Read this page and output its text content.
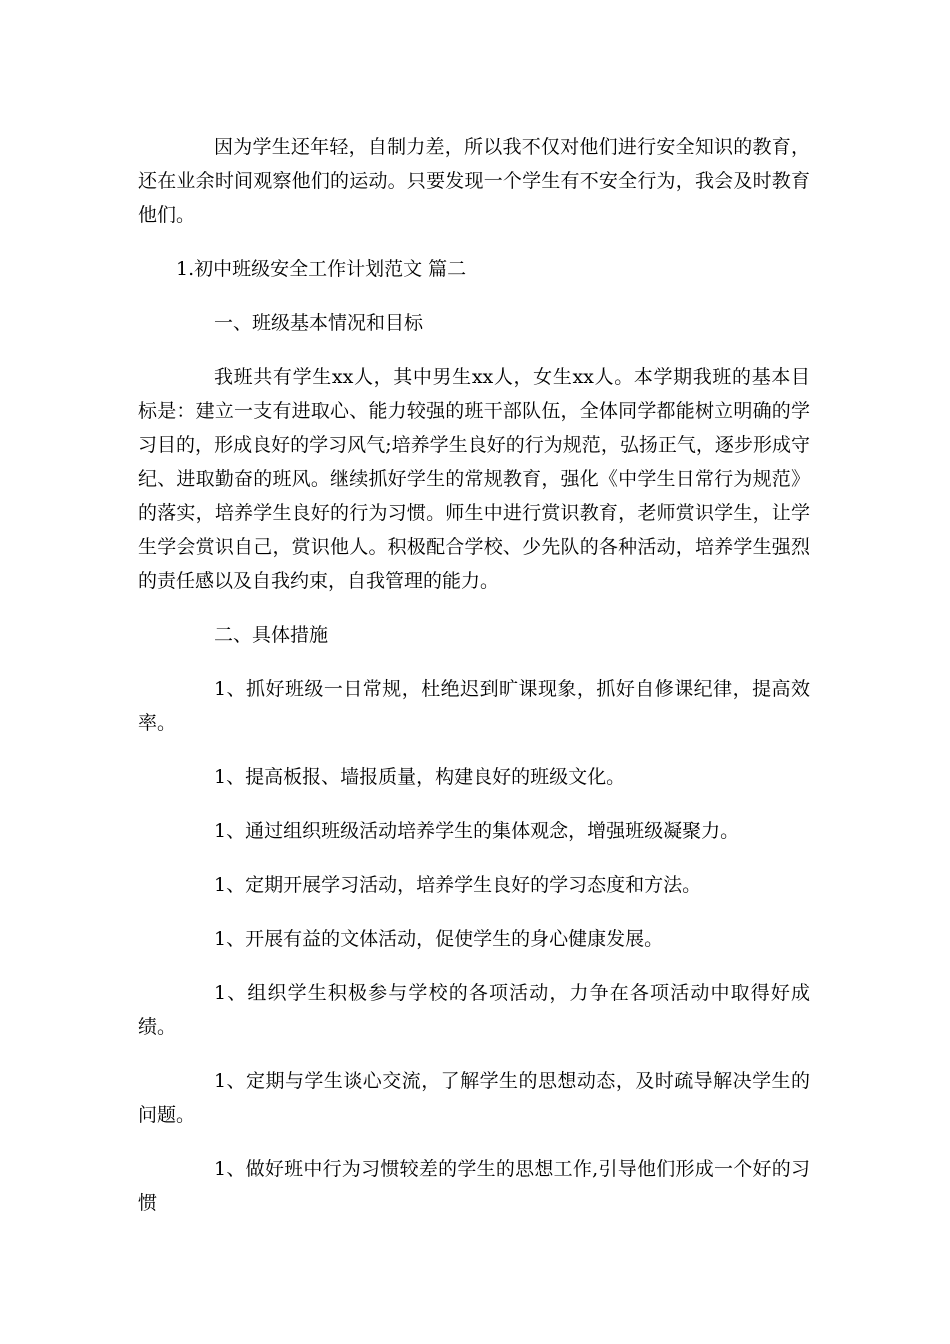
因为学生还年轻，自制力差，所以我不仅对他们进行安全知识的教育，还在业余时间观察他们的运动。只要发现一个学生有不安全行为，我会及时教育他们。

1.初中班级安全工作计划范文 篇二

一、班级基本情况和目标

我班共有学生xx人，其中男生xx人，女生xx人。本学期我班的基本目标是：建立一支有进取心、能力较强的班干部队伍，全体同学都能树立明确的学习目的，形成良好的学习风气;培养学生良好的行为规范，弘扬正气，逐步形成守纪、进取勤奋的班风。继续抓好学生的常规教育，强化《中学生日常行为规范》的落实，培养学生良好的行为习惯。师生中进行赏识教育，老师赏识学生，让学生学会赏识自己，赏识他人。积极配合学校、少先队的各种活动，培养学生强烈的责任感以及自我约束，自我管理的能力。

二、具体措施

1、抓好班级一日常规，杜绝迟到旷课现象，抓好自修课纪律，提高效率。

1、提高板报、墙报质量，构建良好的班级文化。

1、通过组织班级活动培养学生的集体观念，增强班级凝聚力。

1、定期开展学习活动，培养学生良好的学习态度和方法。

1、开展有益的文体活动，促使学生的身心健康发展。

1、组织学生积极参与学校的各项活动，力争在各项活动中取得好成绩。

1、定期与学生谈心交流，了解学生的思想动态，及时疏导解决学生的问题。

1、做好班中行为习惯较差的学生的思想工作,引导他们形成一个好的习惯
